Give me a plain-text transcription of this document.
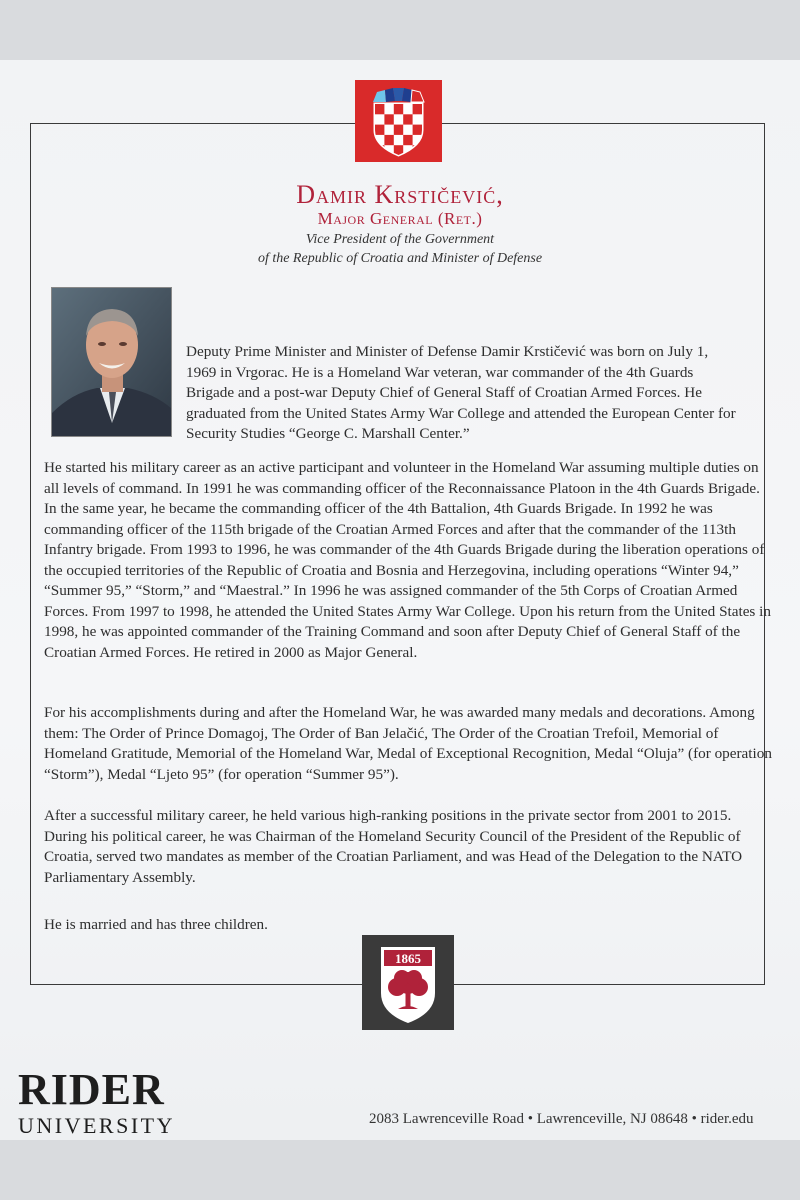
Damir Krstičević,
Major General (Ret.)
Vice President of the Government
of the Republic of Croatia and Minister of Defense

Deputy Prime Minister and Minister of Defense Damir Krstičević was born on July 1, 1969 in Vrgorac. He is a Homeland War veteran, war commander of the 4th Guards Brigade and a post-war Deputy Chief of General Staff of Croatian Armed Forces. He graduated from the United States Army War College and attended the European Center for Security Studies “George C. Marshall Center.”

He started his military career as an active participant and volunteer in the Homeland War assuming multiple duties on all levels of command. In 1991 he was commanding officer of the Reconnaissance Platoon in the 4th Guards Brigade. In the same year, he became the commanding officer of the 4th Battalion, 4th Guards Brigade. In 1992 he was commanding officer of the 115th brigade of the Croatian Armed Forces and after that the commander of the 113th Infantry brigade. From 1993 to 1996, he was commander of the 4th Guards Brigade during the liberation operations of the occupied territories of the Republic of Croatia and Bosnia and Herzegovina, including operations “Winter 94,” “Summer 95,” “Storm,” and “Maestral.” In 1996 he was assigned commander of the 5th Corps of Croatian Armed Forces. From 1997 to 1998, he attended the United States Army War College. Upon his return from the United States in 1998, he was appointed commander of the Training Command and soon after Deputy Chief of General Staff of the Croatian Armed Forces. He retired in 2000 as Major General.

For his accomplishments during and after the Homeland War, he was awarded many medals and decorations. Among them: The Order of Prince Domagoj, The Order of Ban Jelačić, The Order of the Croatian Trefoil, Memorial of Homeland Gratitude, Memorial of the Homeland War, Medal of Exceptional Recognition, Medal “Oluja” (for operation “Storm”), Medal “Ljeto 95” (for operation “Summer 95”).

After a successful military career, he held various high-ranking positions in the private sector from 2001 to 2015. During his political career, he was Chairman of the Homeland Security Council of the President of the Republic of Croatia, served two mandates as member of the Croatian Parliament, and was Head of the Delegation to the NATO Parliamentary Assembly.

He is married and has three children.

1865
RIDER
UNIVERSITY	2083 Lawrenceville Road • Lawrenceville, NJ 08648 • rider.edu
